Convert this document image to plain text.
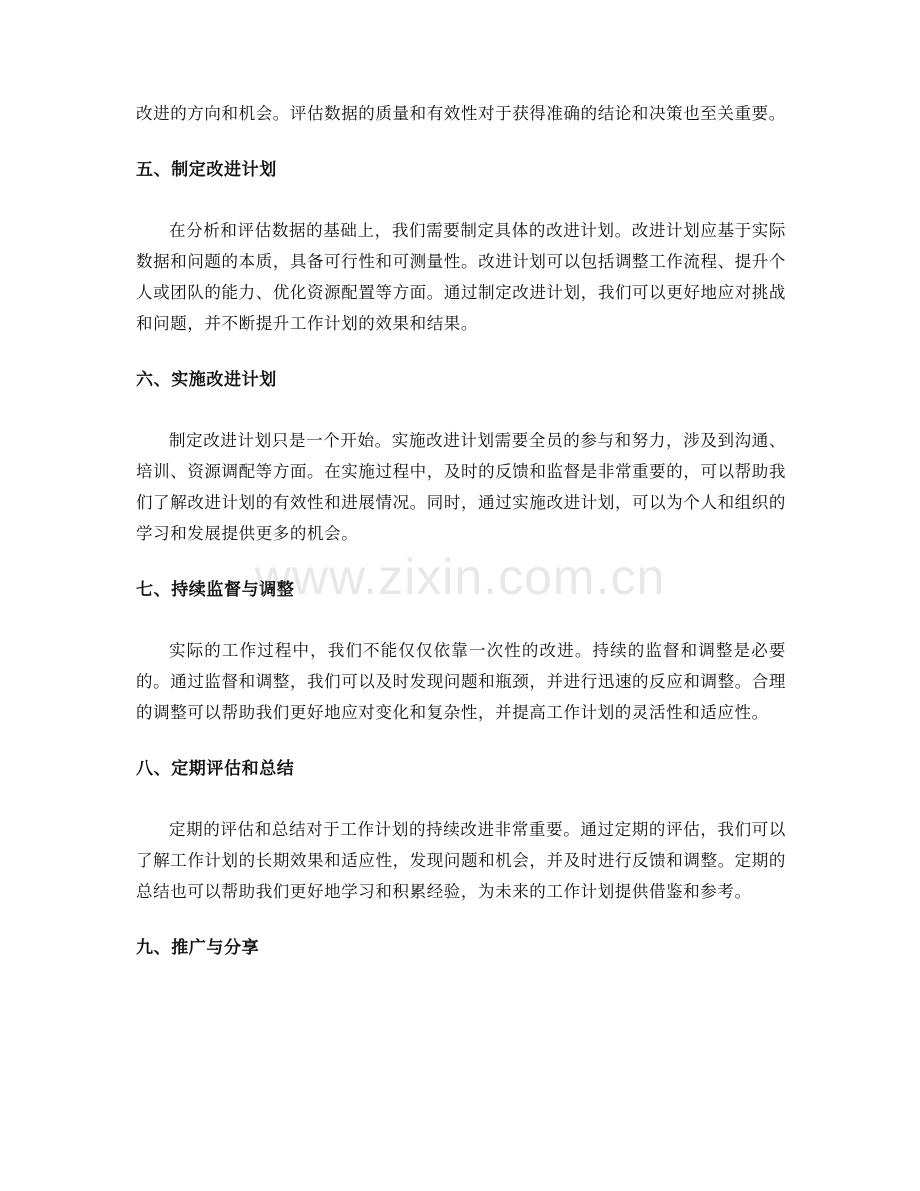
改进的方向和机会。评估数据的质量和有效性对于获得准确的结论和决策也至关重要。

五、制定改进计划

在分析和评估数据的基础上，我们需要制定具体的改进计划。改进计划应基于实际数据和问题的本质，具备可行性和可测量性。改进计划可以包括调整工作流程、提升个人或团队的能力、优化资源配置等方面。通过制定改进计划，我们可以更好地应对挑战和问题，并不断提升工作计划的效果和结果。

六、实施改进计划

制定改进计划只是一个开始。实施改进计划需要全员的参与和努力，涉及到沟通、培训、资源调配等方面。在实施过程中，及时的反馈和监督是非常重要的，可以帮助我们了解改进计划的有效性和进展情况。同时，通过实施改进计划，可以为个人和组织的学习和发展提供更多的机会。

七、持续监督与调整

实际的工作过程中，我们不能仅仅依靠一次性的改进。持续的监督和调整是必要的。通过监督和调整，我们可以及时发现问题和瓶颈，并进行迅速的反应和调整。合理的调整可以帮助我们更好地应对变化和复杂性，并提高工作计划的灵活性和适应性。

八、定期评估和总结

定期的评估和总结对于工作计划的持续改进非常重要。通过定期的评估，我们可以了解工作计划的长期效果和适应性，发现问题和机会，并及时进行反馈和调整。定期的总结也可以帮助我们更好地学习和积累经验，为未来的工作计划提供借鉴和参考。

九、推广与分享
www.zixin.com.cn
